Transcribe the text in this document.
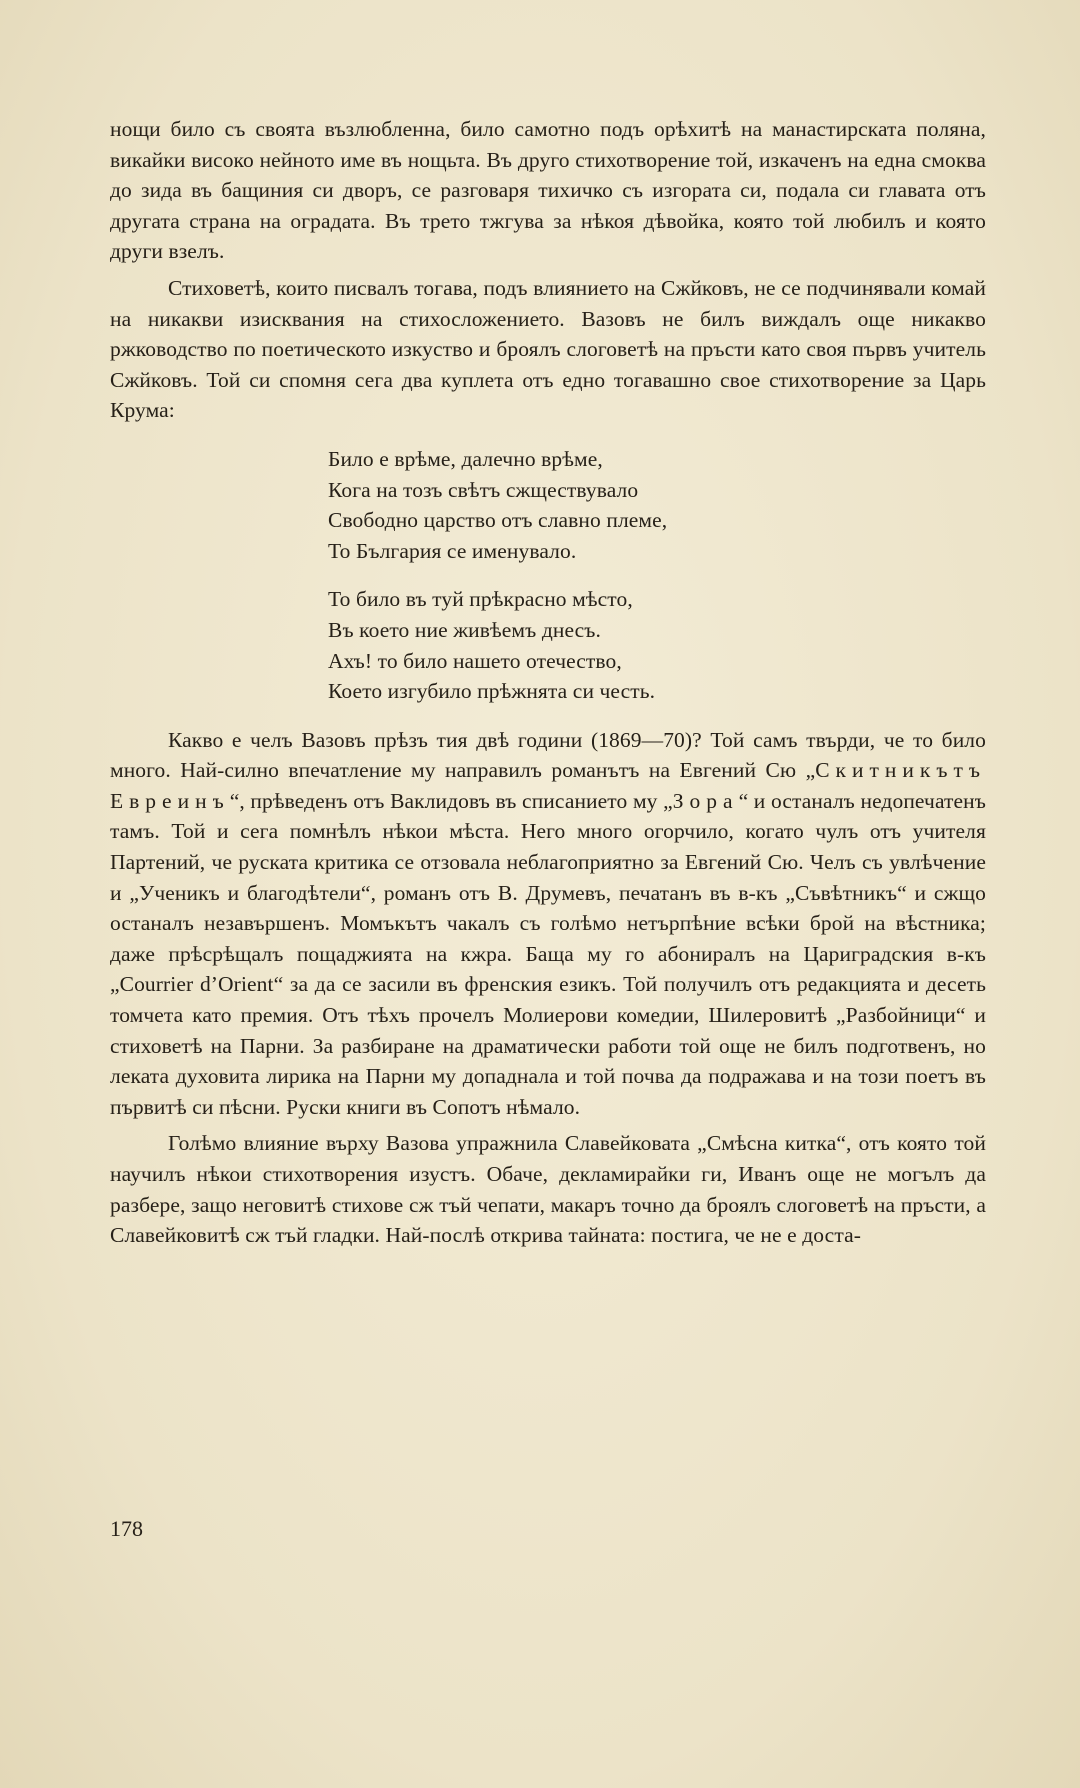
нощи било съ своята възлюбленна, било самотно подъ орѣхитѣ на манастирската поляна, викайки високо нейното име въ нощьта. Въ друго стихотворение той, изкаченъ на една смоква до зида въ бащиния си дворъ, се разговаря тихичко съ изгората си, подала си главата отъ другата страна на оградата. Въ трето тжгува за нѣкоя дѣвойка, която той любилъ и която други взелъ.

Стиховетѣ, които писвалъ тогава, подъ влиянието на Сжйковъ, не се подчинявали комай на никакви изисквания на стихосложението. Вазовъ не билъ виждалъ още никакво ржководство по поетическото изкуство и броялъ слоговетѣ на пръсти като своя първъ учитель Сжйковъ. Той си спомня сега два куплета отъ едно тогавашно свое стихотворение за Царь Крума:

Било е врѣме, далечно врѣме,
Кога на тозъ свѣтъ сжществувало
Свободно царство отъ славно племе,
То България се именувало.
То било въ туй прѣкрасно мѣсто,
Въ което ние живѣемъ днесъ.
Ахъ! то било нашето отечество,
Което изгубило прѣжнята си честь.

Какво е челъ Вазовъ прѣзъ тия двѣ години (1869—70)? Той самъ твърди, че то било много. Най-силно впечатление му направилъ романътъ на Евгений Сю „Скитникътъ Евреинъ“, прѣведенъ отъ Ваклидовъ въ списанието му „Зора“ и останалъ недопечатенъ тамъ. Той и сега помнѣлъ нѣкои мѣста. Него много огорчило, когато чулъ отъ учителя Партений, че руската критика се отзовала неблагоприятно за Евгений Сю. Челъ съ увлѣчение и „Ученикъ и благодѣтели“, романъ отъ В. Друмевъ, печатанъ въ в-къ „Съвѣтникъ“ и сжщо останалъ незавършенъ. Момъкътъ чакалъ съ голѣмо нетърпѣние всѣки брой на вѣстника; даже прѣсрѣщалъ пощаджията на кжра. Баща му го абониралъ на Цариградския в-къ „Courrier d’Orient“ за да се засили въ френския езикъ. Той получилъ отъ редакцията и десеть томчета като премия. Отъ тѣхъ прочелъ Молиерови комедии, Шилеровитѣ „Разбойници“ и стиховетѣ на Парни. За разбиране на драматически работи той още не билъ подготвенъ, но леката духовита лирика на Парни му допаднала и той почва да подражава и на този поетъ въ първитѣ си пѣсни. Руски книги въ Сопотъ нѣмало.

Голѣмо влияние върху Вазова упражнила Славейковата „Смѣсна китка“, отъ която той научилъ нѣкои стихотворения изустъ. Обаче, декламирайки ги, Иванъ още не могълъ да разбере, защо неговитѣ стихове сж тъй чепати, макаръ точно да броялъ слоговетѣ на пръсти, а Славейковитѣ сж тъй гладки. Най-послѣ открива тайната: постига, че не е доста-

178
